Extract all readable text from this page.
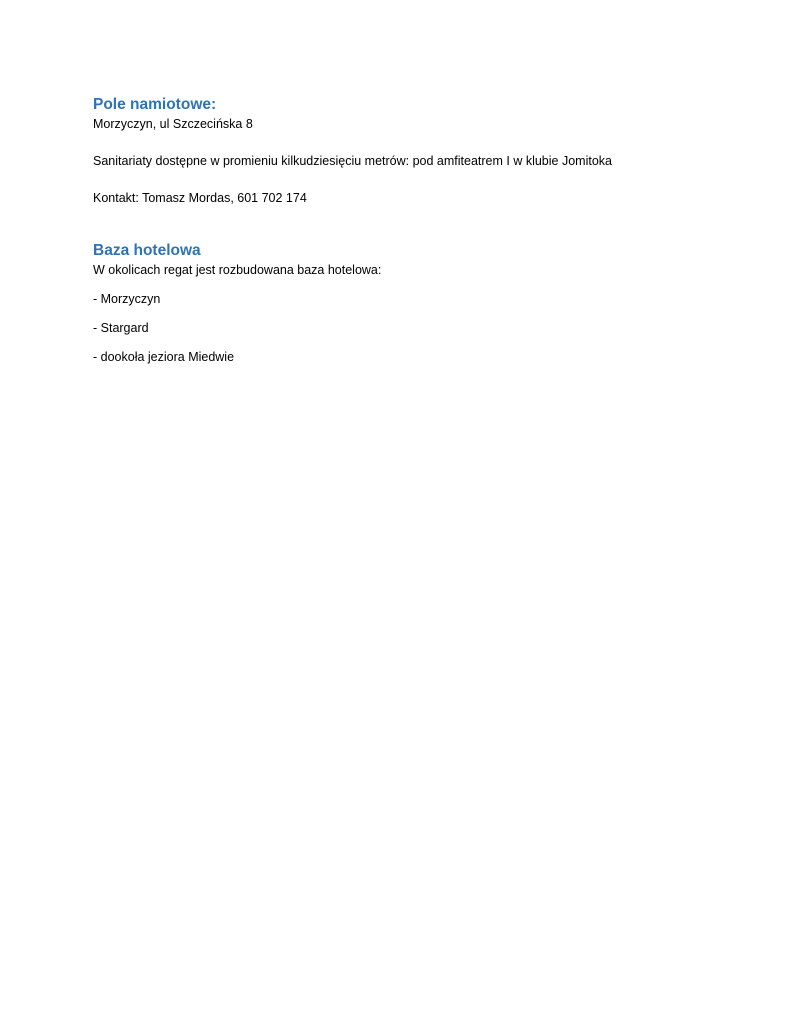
Pole namiotowe:

Morzyczyn, ul Szczecińska 8

Sanitariaty dostępne w promieniu kilkudziesięciu metrów: pod amfiteatrem I w klubie Jomitoka

Kontakt: Tomasz Mordas, 601 702 174

Baza hotelowa

W okolicach regat jest rozbudowana baza hotelowa:

- Morzyczyn

- Stargard

- dookoła jeziora Miedwie
